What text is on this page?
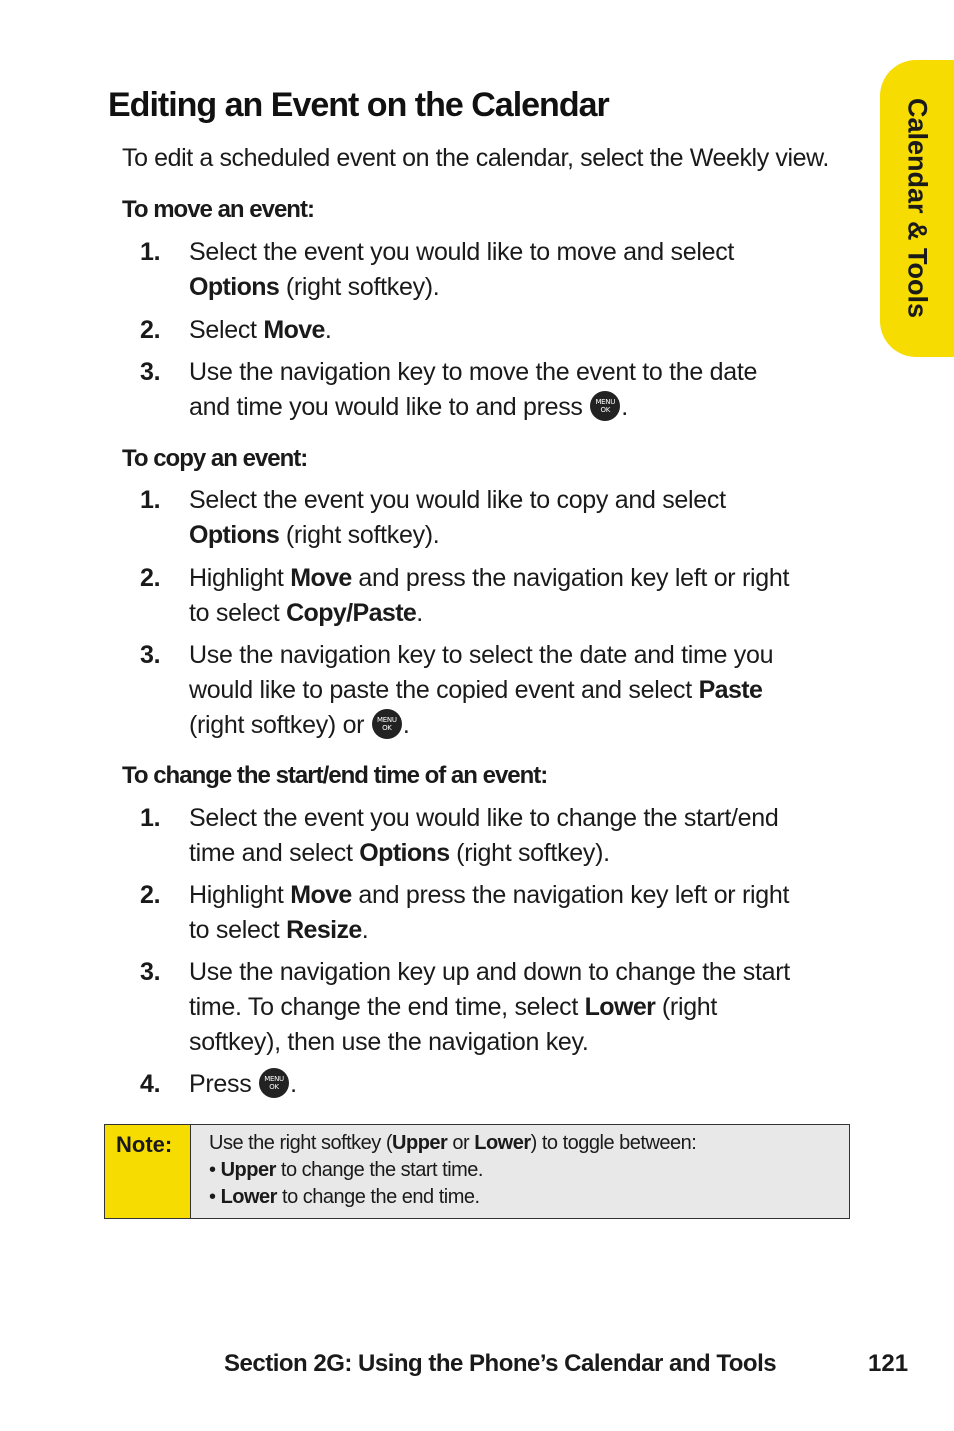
Calendar & Tools
Editing an Event on the Calendar

To edit a scheduled event on the calendar, select the Weekly view.

To move an event:

1.	Select the event you would like to move and select
Options (right softkey).
2.	Select Move.
3.	Use the navigation key to move the event to the date
and time you would like to and press MENU
OK .

To copy an event:

1.	Select the event you would like to copy and select
Options (right softkey).
2.	Highlight Move and press the navigation key left or right
to select Copy/Paste.
3.	Use the navigation key to select the date and time you
would like to paste the copied event and select Paste
(right softkey) or MENU
OK .

To change the start/end time of an event:

1.	Select the event you would like to change the start/end
time and select Options (right softkey).
2.	Highlight Move and press the navigation key left or right
to select Resize.
3.	Use the navigation key up and down to change the start
time. To change the end time, select Lower (right
softkey), then use the navigation key.
4.	Press MENU
OK .
Note:	Use the right softkey (Upper or Lower) to toggle between:
• Upper to change the start time.
• Lower to change the end time.
Section 2G: Using the Phone’s Calendar and Tools	121
